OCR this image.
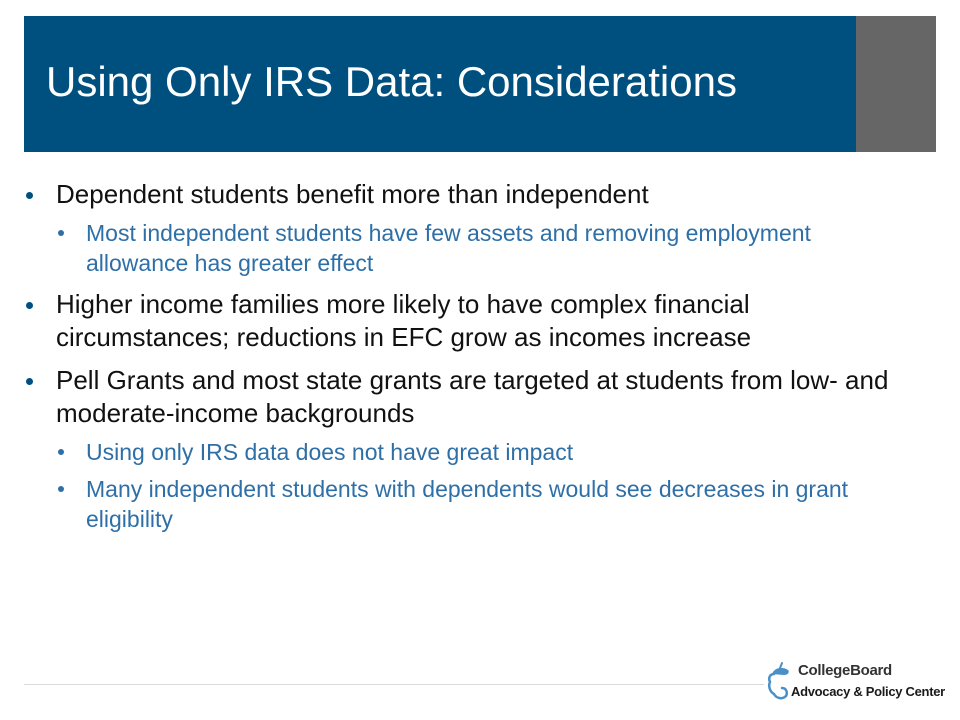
Using Only IRS Data: Considerations
Dependent students benefit more than independent
Most independent students have few assets and removing employment allowance has greater effect
Higher income families more likely to have complex financial circumstances; reductions in EFC grow as incomes increase
Pell Grants and most state grants are targeted at students from low- and moderate-income backgrounds
Using only IRS data does not have great impact
Many independent students with dependents would see decreases in grant eligibility
CollegeBoard
Advocacy & Policy Center
